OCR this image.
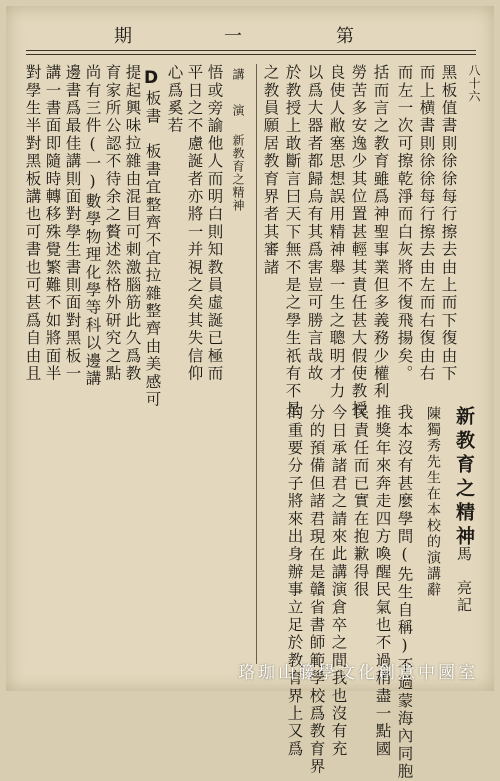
第
一
期
八十六
黑板值書則徐徐每行擦去由上而下復由下
而上横書則徐徐每行擦去由左而右復由右
而左一次可擦乾淨而白灰將不復飛揚矣。
括而言之教育雖爲神聖事業但多義務少權利
勞苦多安逸少其位置甚輕其責任甚大假使教授
良使人敝塞思想誤用精神舉一生之聰明才力
以爲大器者都歸烏有其爲害豈可勝言哉故
於教授上敢斷言曰天下無不是之學生祇有不是
之教員願居教育界者其審諸
新教育之精神
陳獨秀先生在本校的演講辭 馬　亮記
我本沒有甚麼學問(先生自稱)不過蒙海內同胞
推獎年來奔走四方喚醒民氣也不過稍盡一點國
民責任而已實在抱歉得很
今日承諸君之請來此講演倉卒之間我也沒有充
分的預備但諸君現在是贛省書師範學校爲教育界
的重要分子將來出身辦事立足於教育界上又爲
講
演
新教育之精神
悟或旁諭他人而明白則知教員虛誕已極而
平日之不慮誕者亦將一并視之矣其失信仰
心爲奚若
D
板書　板書宜整齊不宜拉雜整齊由美感可
提起興味拉雜由混目可刺激腦筋此久爲教
育家所公認不待余之贅述然格外研究之點
尚有三件(一)數學物理化學等科以邊講
邊書爲最佳講則面對學生書則面對黑板一
講一書面即隨時轉移殊覺繁難不如將面半
對學生半對黑板講也可書也可甚爲自由且
珞珈山籐學文化創意中國室
